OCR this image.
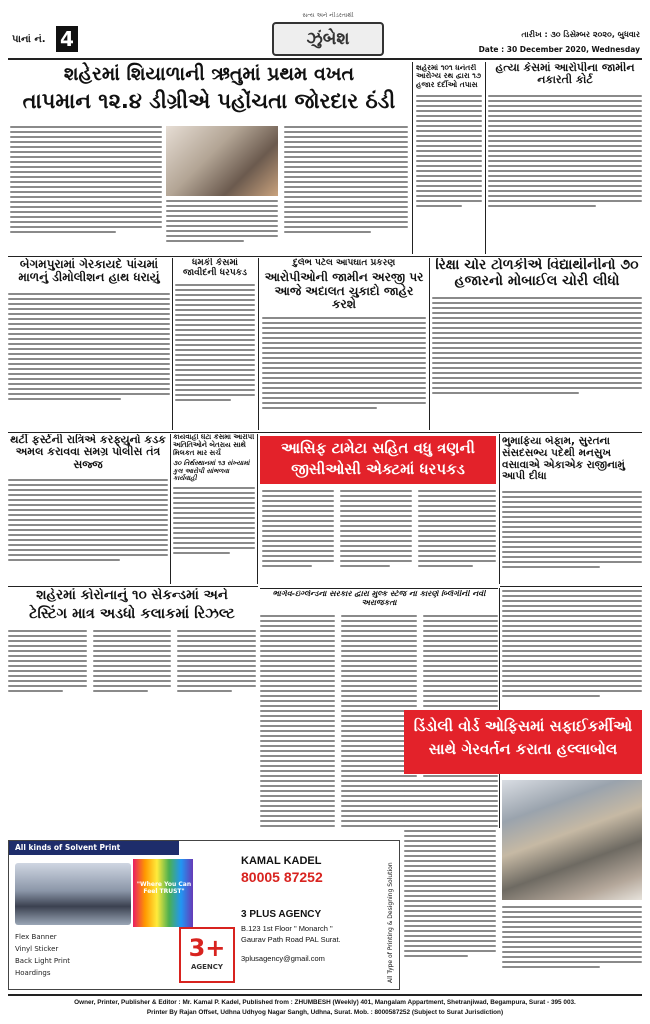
પાનાં નં. 4	ઝુંબેશ
સત્ય અને નીડરતાથી
તારીખ : ૩૦ ડિસેમ્બર ૨૦૨૦, બુધવાર
Date : 30 December 2020, Wednesday
શહેરમાં શિયાળાની ઋતુમાં પ્રથમ વખત
તાપમાન ૧૨.૪ ડીગ્રીએ પહોંચતા જોરદાર ઠંડી
શહેરમાં ૧૦૧ ધનંતરી આરોગ્ય રથ દ્વારા ૧૭ હજાર દર્દીઓ તપાસ
હત્યા કેસમાં આરોપીના જામીન નકારતી કોર્ટ
બેગમપુરામાં ગેરકાયદે પાંચમાં માળનું ડીમોલીશન હાથ ધરાયું
ધમકી કેસમાં જાવીદની ધરપકડ
દુર્લભ પટેલ આપઘાત પ્રકરણ
આરોપીઓની જામીન અરજી પર આજે અદાલત ચુકાદો જાહેર કરશે
રિક્ષા ચોર ટોળકીએ વિદ્યાર્થીનીનો ૭૦ હજારનો મોબાઈલ ચોરી લીધો
થર્ટી ફર્સ્ટની રાત્રિએ કરફ્યુનો કડક અમલ કરાવવા સમગ્ર પોલીસ તંત્ર સજ્જ
કાર્યવાહી ઘેટાં કેસમાં આરોપી અતિતિઓને બેતરાય સાથે મિલકત માર સર્ચ
૩૦ તિર્થસ્થાનમાં ૧૩ સંખ્યામાં કુલ આરોપી સાંભળવા કાર્યવાહી
આસિફ ટામેટા સહિત વધુ ત્રણની
જીસીઓસી એક્ટમાં ધરપકડ
ભુમાફિયા બેફામ, સુરતના સંસદસભ્ય પદેથી મનસુખ વસાવાએ એકાએક રાજીનામું આપી દીધા
શહેરમાં કોરોનાનું ૧૦ સેકન્ડમાં અને
ટેસ્ટિંગ માત્ર અડધો કલાકમાં રિઝલ્ટ
ભાર્ગવ-ઇંગ્લેન્ડના સરકાર દ્વારા મુલ્ક સ્ટેજ ના કારણે બ્લિંગીની નવી અરાજકતા
ડિંડોલી વોર્ડ ઓફિસમાં સફાઈકર્મીઓ
સાથે ગેરવર્તન કરાતા હલ્લાબોલ
All kinds of Solvent Print
"Where You Can Feel TRUST"
Flex Banner
Vinyl Sticker
Back Light Print
Hoardings
3+
AGENCY
KAMAL KADEL
80005 87252
3 PLUS AGENCY
B.123 1st Floor " Monarch "
Gaurav Path Road PAL Surat.
3plusagency@gmail.com	All Type of Printing & Designing Solution
Owner, Printer, Publisher & Editor : Mr. Kamal P. Kadel, Published from : ZHUMBESH (Weekly) 401, Mangalam Appartment, Shetranjiwad, Begampura, Surat - 395 003.
Printer By Rajan Offset, Udhna Udhyog Nagar Sangh, Udhna, Surat. Mob. : 8000587252 (Subject to Surat Jurisdiction)
